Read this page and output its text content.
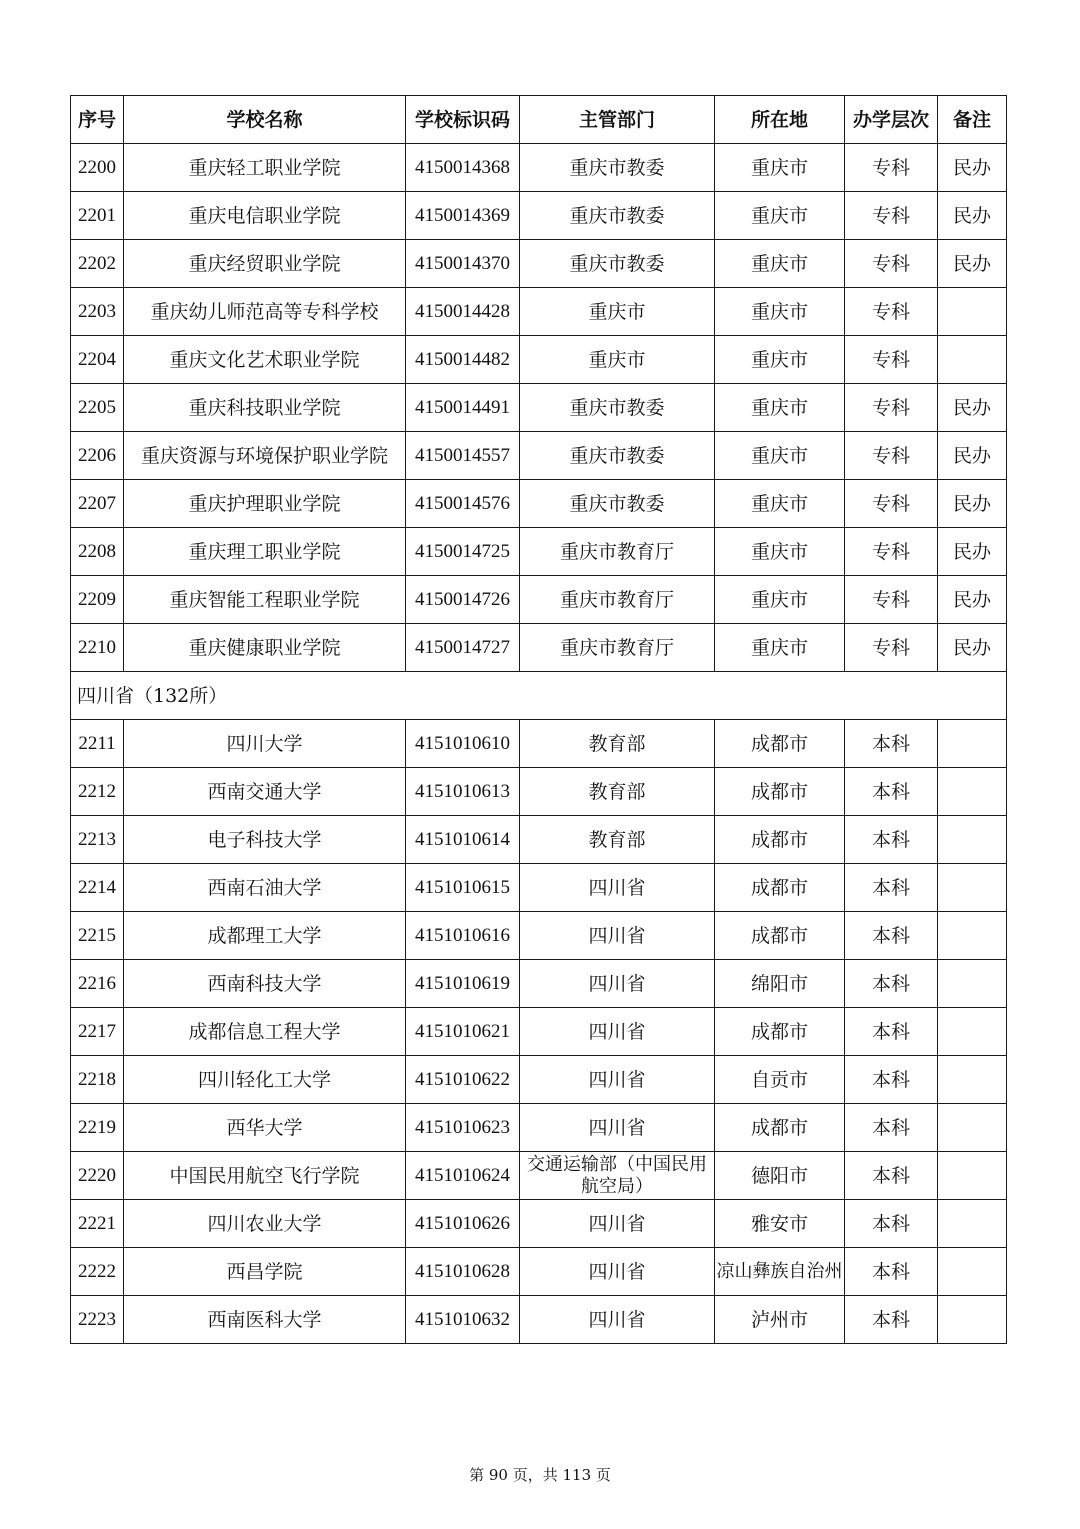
序号	学校名称	学校标识码	主管部门	所在地	办学层次	备注
2200	重庆轻工职业学院	4150014368	重庆市教委	重庆市	专科	民办
2201	重庆电信职业学院	4150014369	重庆市教委	重庆市	专科	民办
2202	重庆经贸职业学院	4150014370	重庆市教委	重庆市	专科	民办
2203	重庆幼儿师范高等专科学校	4150014428	重庆市	重庆市	专科	
2204	重庆文化艺术职业学院	4150014482	重庆市	重庆市	专科	
2205	重庆科技职业学院	4150014491	重庆市教委	重庆市	专科	民办
2206	重庆资源与环境保护职业学院	4150014557	重庆市教委	重庆市	专科	民办
2207	重庆护理职业学院	4150014576	重庆市教委	重庆市	专科	民办
2208	重庆理工职业学院	4150014725	重庆市教育厅	重庆市	专科	民办
2209	重庆智能工程职业学院	4150014726	重庆市教育厅	重庆市	专科	民办
2210	重庆健康职业学院	4150014727	重庆市教育厅	重庆市	专科	民办
四川省（132所）						
2211	四川大学	4151010610	教育部	成都市	本科	
2212	西南交通大学	4151010613	教育部	成都市	本科	
2213	电子科技大学	4151010614	教育部	成都市	本科	
2214	西南石油大学	4151010615	四川省	成都市	本科	
2215	成都理工大学	4151010616	四川省	成都市	本科	
2216	西南科技大学	4151010619	四川省	绵阳市	本科	
2217	成都信息工程大学	4151010621	四川省	成都市	本科	
2218	四川轻化工大学	4151010622	四川省	自贡市	本科	
2219	西华大学	4151010623	四川省	成都市	本科	
2220	中国民用航空飞行学院	4151010624	交通运输部（中国民用航空局）	德阳市	本科	
2221	四川农业大学	4151010626	四川省	雅安市	本科	
2222	西昌学院	4151010628	四川省	凉山彝族自治州	本科	
2223	西南医科大学	4151010632	四川省	泸州市	本科	
第 90 页，共 113 页
